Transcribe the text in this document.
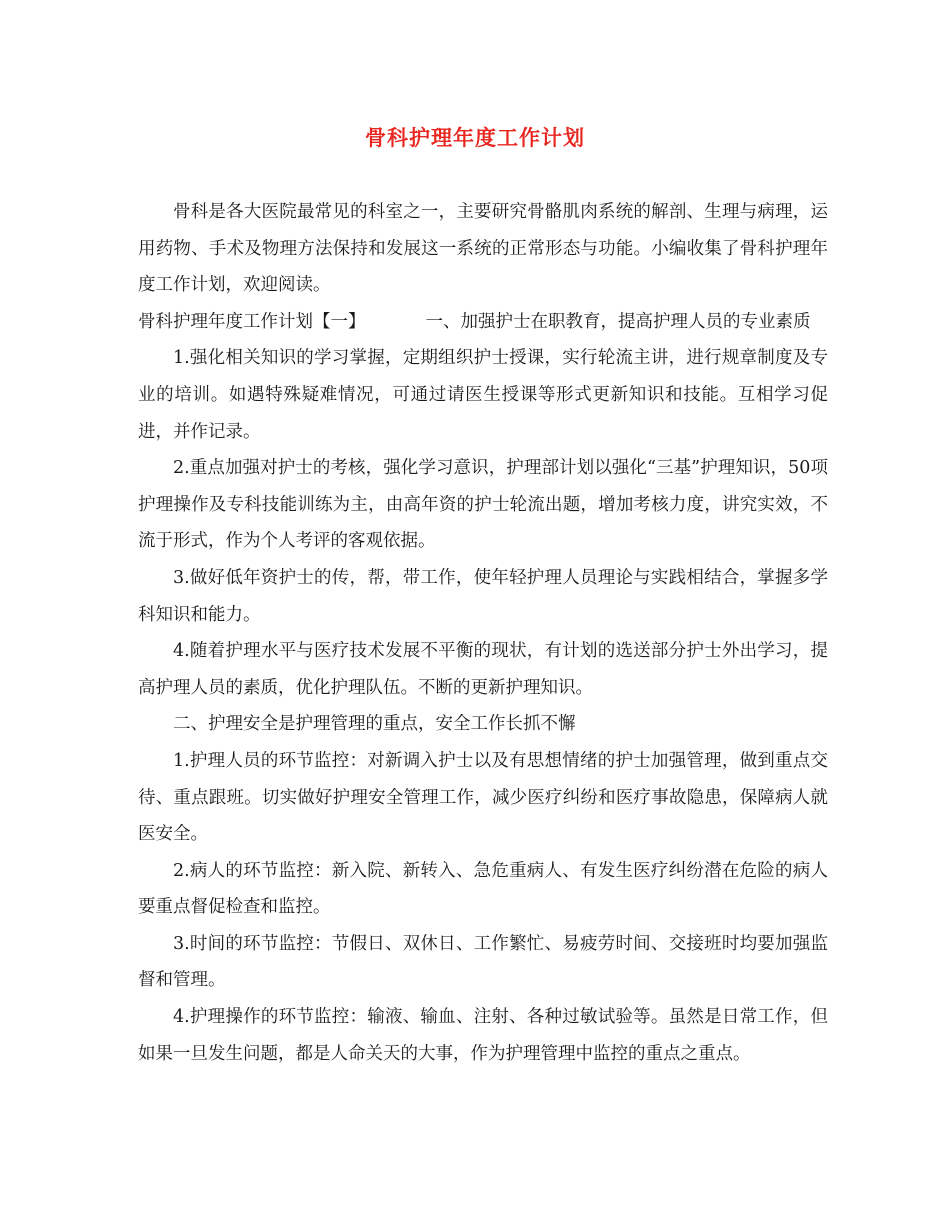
骨科护理年度工作计划

骨科是各大医院最常见的科室之一，主要研究骨骼肌肉系统的解剖、生理与病理，运用药物、手术及物理方法保持和发展这一系统的正常形态与功能。小编收集了骨科护理年度工作计划，欢迎阅读。

骨科护理年度工作计划【一】	一、加强护士在职教育，提高护理人员的专业素质

1.强化相关知识的学习掌握，定期组织护士授课，实行轮流主讲，进行规章制度及专业的培训。如遇特殊疑难情况，可通过请医生授课等形式更新知识和技能。互相学习促进，并作记录。

2.重点加强对护士的考核，强化学习意识，护理部计划以强化“三基”护理知识，50项护理操作及专科技能训练为主，由高年资的护士轮流出题，增加考核力度，讲究实效，不流于形式，作为个人考评的客观依据。

3.做好低年资护士的传，帮，带工作，使年轻护理人员理论与实践相结合，掌握多学科知识和能力。

4.随着护理水平与医疗技术发展不平衡的现状，有计划的选送部分护士外出学习，提高护理人员的素质，优化护理队伍。不断的更新护理知识。

二、护理安全是护理管理的重点，安全工作长抓不懈

1.护理人员的环节监控：对新调入护士以及有思想情绪的护士加强管理，做到重点交待、重点跟班。切实做好护理安全管理工作，减少医疗纠纷和医疗事故隐患，保障病人就医安全。

2.病人的环节监控：新入院、新转入、急危重病人、有发生医疗纠纷潜在危险的病人要重点督促检查和监控。

3.时间的环节监控：节假日、双休日、工作繁忙、易疲劳时间、交接班时均要加强监督和管理。

4.护理操作的环节监控：输液、输血、注射、各种过敏试验等。虽然是日常工作，但如果一旦发生问题，都是人命关天的大事，作为护理管理中监控的重点之重点。
